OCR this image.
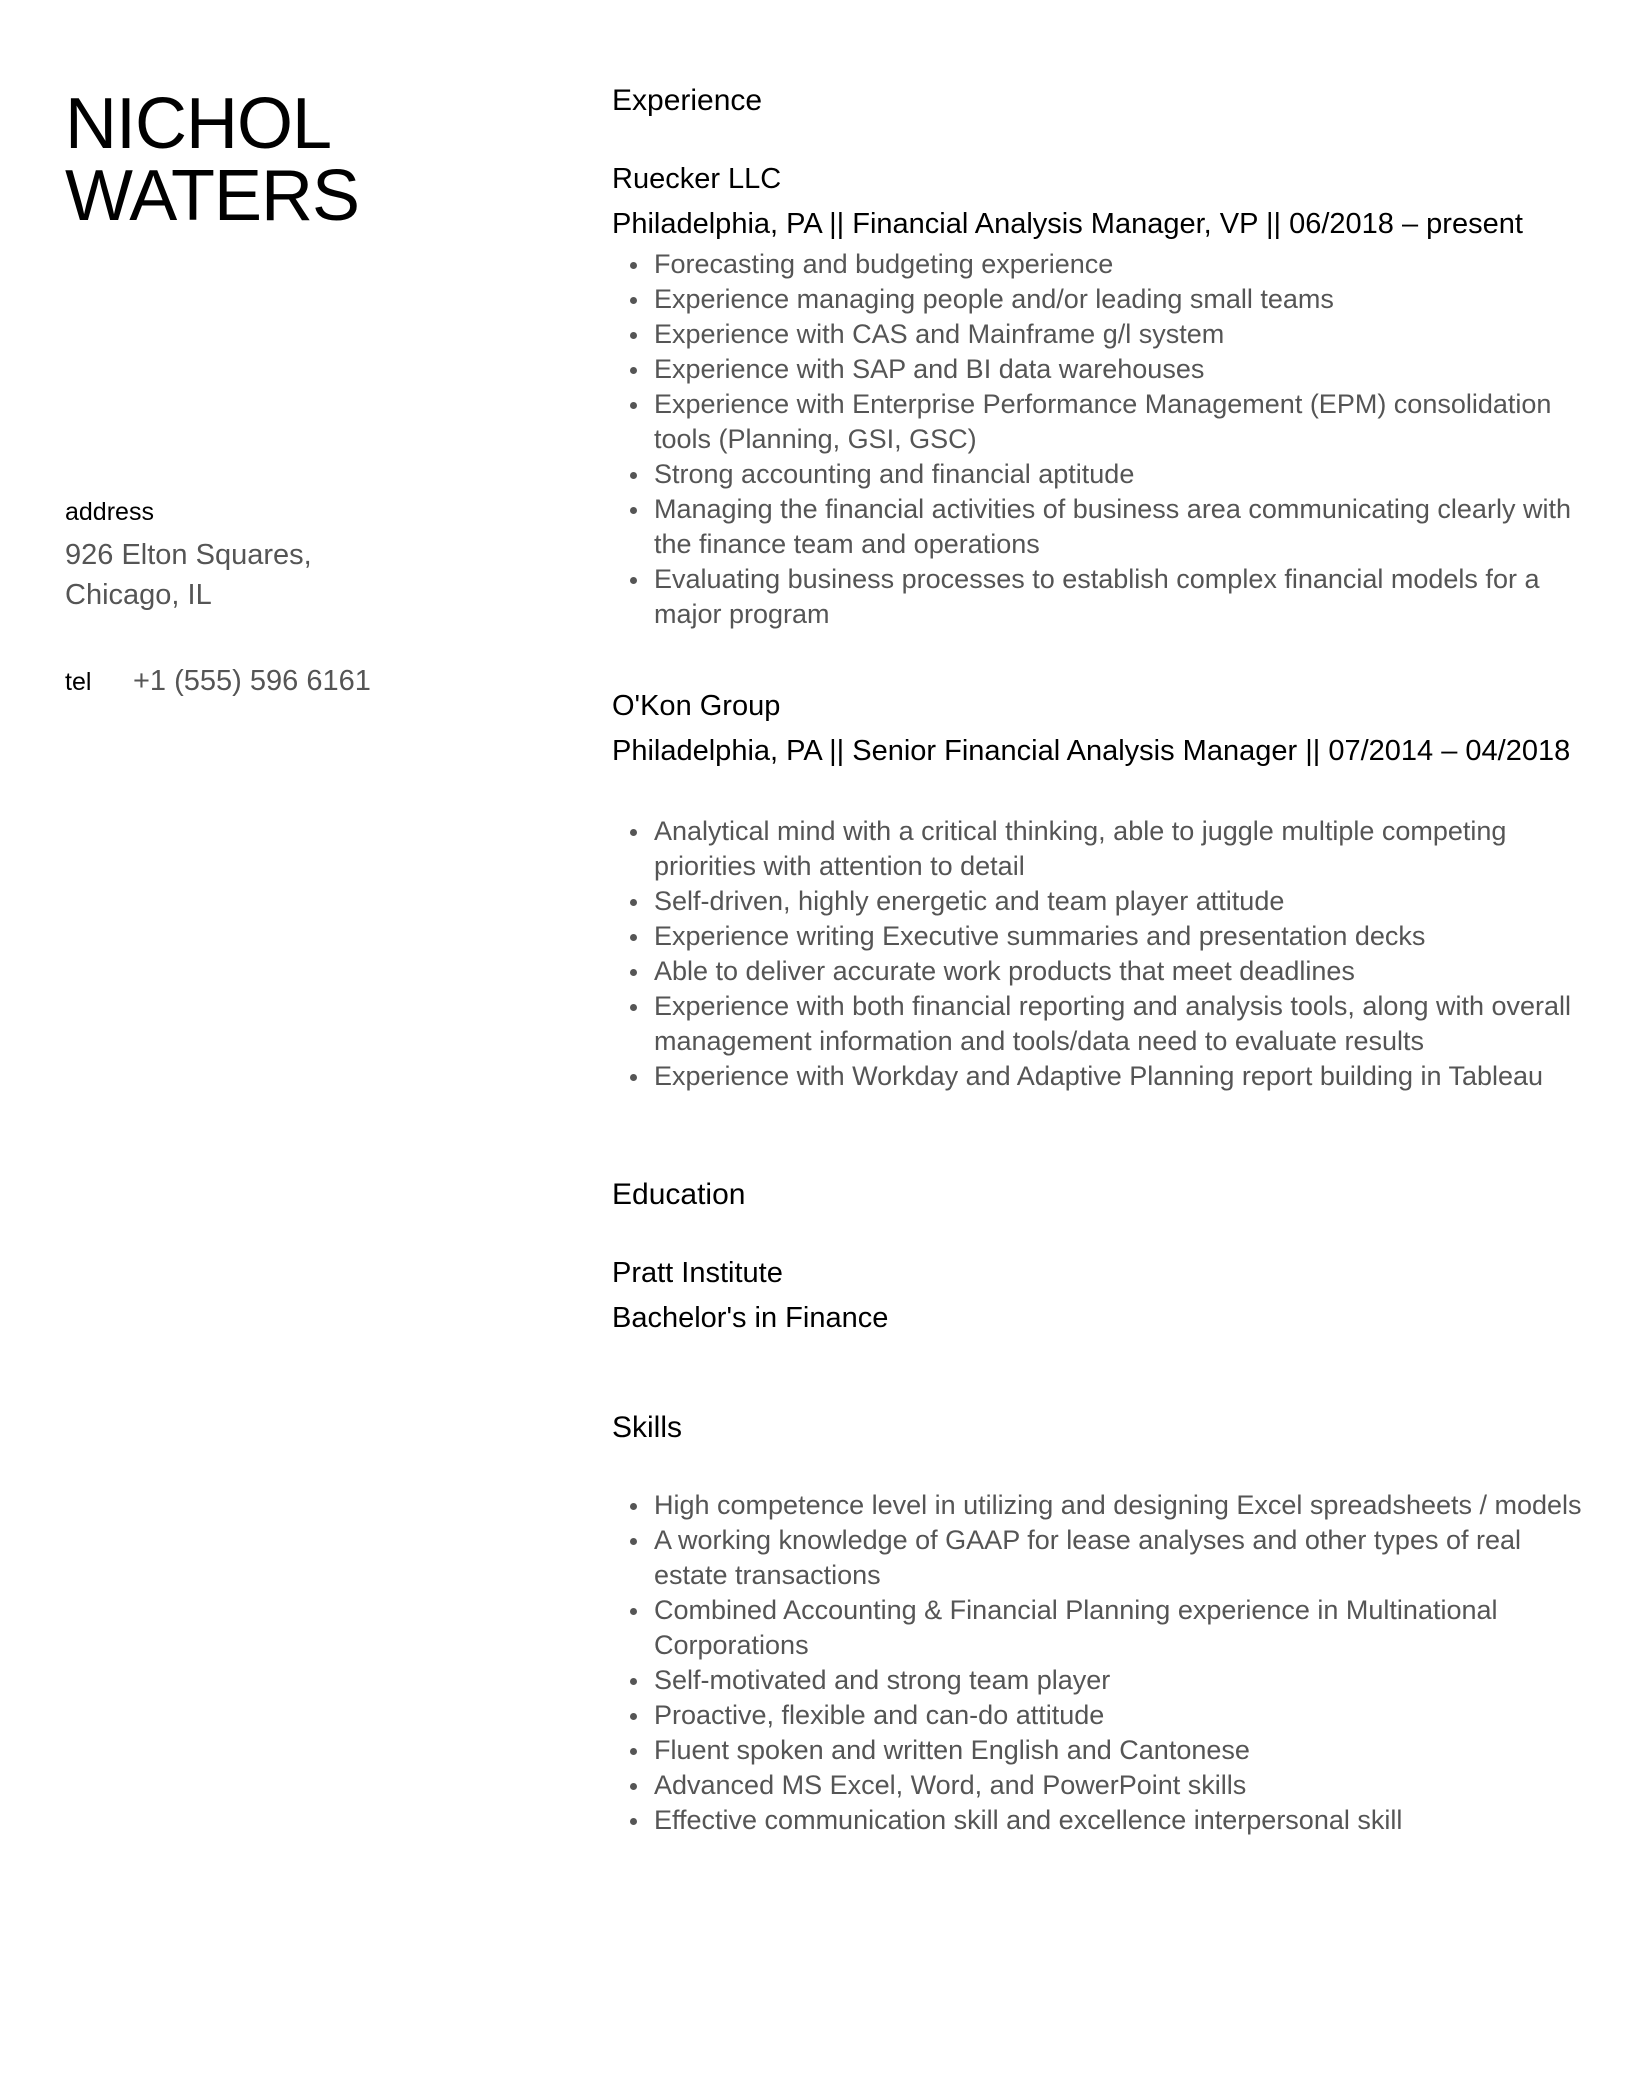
NICHOL
WATERS
address
926 Elton Squares,
Chicago, IL
tel	+1 (555) 596 6161
Experience
Ruecker LLC
Philadelphia, PA || Financial Analysis Manager, VP || 06/2018 – present
Forecasting and budgeting experience
Experience managing people and/or leading small teams
Experience with CAS and Mainframe g/l system
Experience with SAP and BI data warehouses
Experience with Enterprise Performance Management (EPM) consolidation tools (Planning, GSI, GSC)
Strong accounting and financial aptitude
Managing the financial activities of business area communicating clearly with the finance team and operations
Evaluating business processes to establish complex financial models for a major program
O'Kon Group
Philadelphia, PA || Senior Financial Analysis Manager || 07/2014 – 04/2018
Analytical mind with a critical thinking, able to juggle multiple competing priorities with attention to detail
Self-driven, highly energetic and team player attitude
Experience writing Executive summaries and presentation decks
Able to deliver accurate work products that meet deadlines
Experience with both financial reporting and analysis tools, along with overall management information and tools/data need to evaluate results
Experience with Workday and Adaptive Planning report building in Tableau
Education
Pratt Institute
Bachelor's in Finance
Skills
High competence level in utilizing and designing Excel spreadsheets / models
A working knowledge of GAAP for lease analyses and other types of real estate transactions
Combined Accounting & Financial Planning experience in Multinational Corporations
Self-motivated and strong team player
Proactive, flexible and can-do attitude
Fluent spoken and written English and Cantonese
Advanced MS Excel, Word, and PowerPoint skills
Effective communication skill and excellence interpersonal skill
